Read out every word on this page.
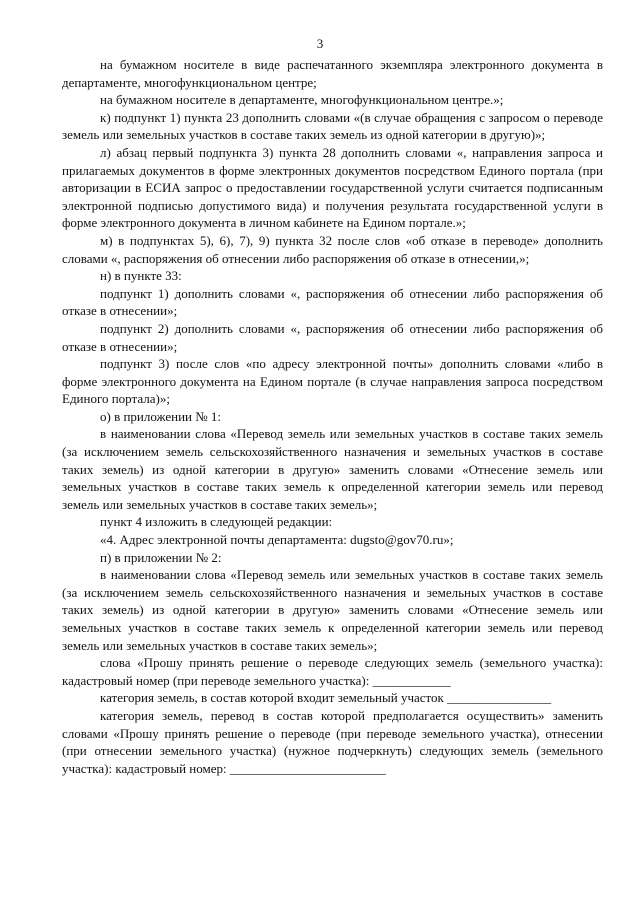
3

на бумажном носителе в виде распечатанного экземпляра электронного документа в департаменте, многофункциональном центре;

на бумажном носителе в департаменте, многофункциональном центре.»;

к) подпункт 1) пункта 23 дополнить словами «(в случае обращения с запросом о переводе земель или земельных участков в составе таких земель из одной категории в другую)»;

л) абзац первый подпункта 3) пункта 28 дополнить словами «, направления запроса и прилагаемых документов в форме электронных документов посредством Единого портала (при авторизации в ЕСИА запрос о предоставлении государственной услуги считается подписанным электронной подписью допустимого вида) и получения результата государственной услуги в форме электронного документа в личном кабинете на Едином портале.»;

м) в подпунктах 5), 6), 7), 9) пункта 32 после слов «об отказе в переводе» дополнить словами «, распоряжения об отнесении либо распоряжения об отказе в отнесении,»;

н) в пункте 33:

подпункт 1) дополнить словами «, распоряжения об отнесении либо распоряжения об отказе в отнесении»;

подпункт 2) дополнить словами «, распоряжения об отнесении либо распоряжения об отказе в отнесении»;

подпункт 3) после слов «по адресу электронной почты» дополнить словами «либо в форме электронного документа на Едином портале (в случае направления запроса посредством Единого портала)»;

о) в приложении № 1:

в наименовании слова «Перевод земель или земельных участков в составе таких земель (за исключением земель сельскохозяйственного назначения и земельных участков в составе таких земель) из одной категории в другую» заменить словами «Отнесение земель или земельных участков в составе таких земель к определенной категории земель или перевод земель или земельных участков в составе таких земель»;

пункт 4 изложить в следующей редакции:

«4. Адрес электронной почты департамента: dugsto@gov70.ru»;

п) в приложении № 2:

в наименовании слова «Перевод земель или земельных участков в составе таких земель (за исключением земель сельскохозяйственного назначения и земельных участков в составе таких земель) из одной категории в другую» заменить словами «Отнесение земель или земельных участков в составе таких земель к определенной категории земель или перевод земель или земельных участков в составе таких земель»;

слова «Прошу принять решение о переводе следующих земель (земельного участка): кадастровый номер (при переводе земельного участка): ____________

категория земель, в состав которой входит земельный участок ________________

категория земель, перевод в состав которой предполагается осуществить» заменить словами «Прошу принять решение о переводе (при переводе земельного участка), отнесении (при отнесении земельного участка) (нужное подчеркнуть) следующих земель (земельного участка): кадастровый номер: ________________________
